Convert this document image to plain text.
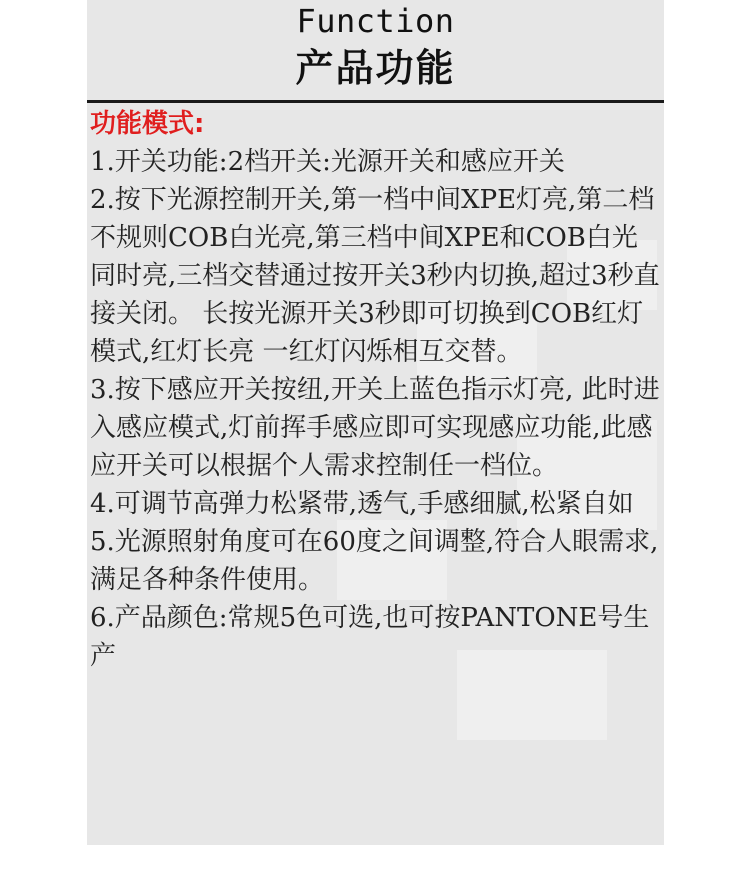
Function
产品功能

功能模式:

1.开关功能:2档开关:光源开关和感应开关

2.按下光源控制开关,第一档中间XPE灯亮,第二档不规则COB白光亮,第三档中间XPE和COB白光同时亮,三档交替通过按开关3秒内切换,超过3秒直接关闭。 长按光源开关3秒即可切换到COB红灯模式,红灯长亮 一红灯闪烁相互交替。

3.按下感应开关按纽,开关上蓝色指示灯亮, 此时进入感应模式,灯前挥手感应即可实现感应功能,此感应开关可以根据个人需求控制任一档位。

4.可调节高弹力松紧带,透气,手感细腻,松紧自如

5.光源照射角度可在60度之间调整,符合人眼需求,满足各种条件使用。

6.产品颜色:常规5色可选,也可按PANTONE号生产
